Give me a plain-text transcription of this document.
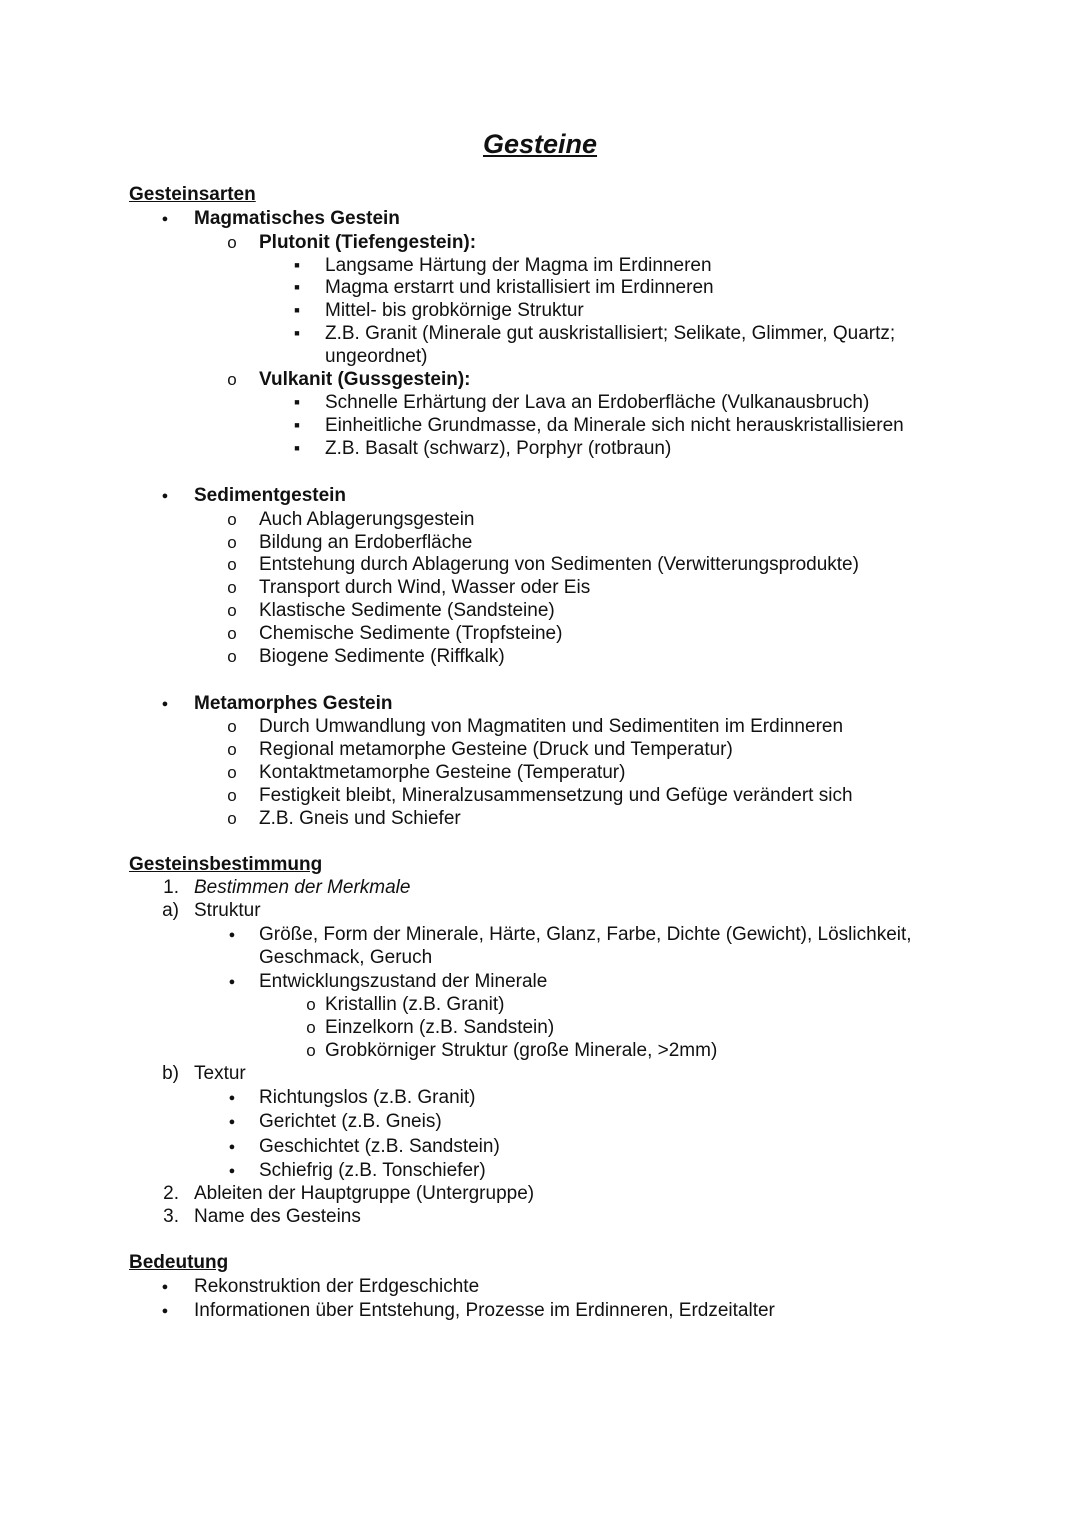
Gesteine
Gesteinsarten
●
Magmatisches Gestein
o
Plutonit (Tiefengestein):
■
Langsame Härtung der Magma im Erdinneren
■
Magma erstarrt und kristallisiert im Erdinneren
■
Mittel- bis grobkörnige Struktur
■
Z.B. Granit (Minerale gut auskristallisiert; Selikate, Glimmer, Quartz;
ungeordnet)
o
Vulkanit (Gussgestein):
■
Schnelle Erhärtung der Lava an Erdoberfläche (Vulkanausbruch)
■
Einheitliche Grundmasse, da Minerale sich nicht herauskristallisieren
■
Z.B. Basalt (schwarz), Porphyr (rotbraun)
●
Sedimentgestein
o
Auch Ablagerungsgestein
o
Bildung an Erdoberfläche
o
Entstehung durch Ablagerung von Sedimenten (Verwitterungsprodukte)
o
Transport durch Wind, Wasser oder Eis
o
Klastische Sedimente (Sandsteine)
o
Chemische Sedimente (Tropfsteine)
o
Biogene Sedimente (Riffkalk)
●
Metamorphes Gestein
o
Durch Umwandlung von Magmatiten und Sedimentiten im Erdinneren
o
Regional metamorphe Gesteine (Druck und Temperatur)
o
Kontaktmetamorphe Gesteine (Temperatur)
o
Festigkeit bleibt, Mineralzusammensetzung und Gefüge verändert sich
o
Z.B. Gneis und Schiefer
Gesteinsbestimmung
1. Bestimmen der Merkmale
a) Struktur
●
Größe, Form der Minerale, Härte, Glanz, Farbe, Dichte (Gewicht), Löslichkeit,
Geschmack, Geruch
●
Entwicklungszustand der Minerale
o
Kristallin (z.B. Granit)
o
Einzelkorn (z.B. Sandstein)
o
Grobkörniger Struktur (große Minerale, >2mm)
b) Textur
●
Richtungslos (z.B. Granit)
●
Gerichtet (z.B. Gneis)
●
Geschichtet (z.B. Sandstein)
●
Schiefrig (z.B. Tonschiefer)
2. Ableiten der Hauptgruppe (Untergruppe)
3. Name des Gesteins
Bedeutung
●
Rekonstruktion der Erdgeschichte
●
Informationen über Entstehung, Prozesse im Erdinneren, Erdzeitalter
